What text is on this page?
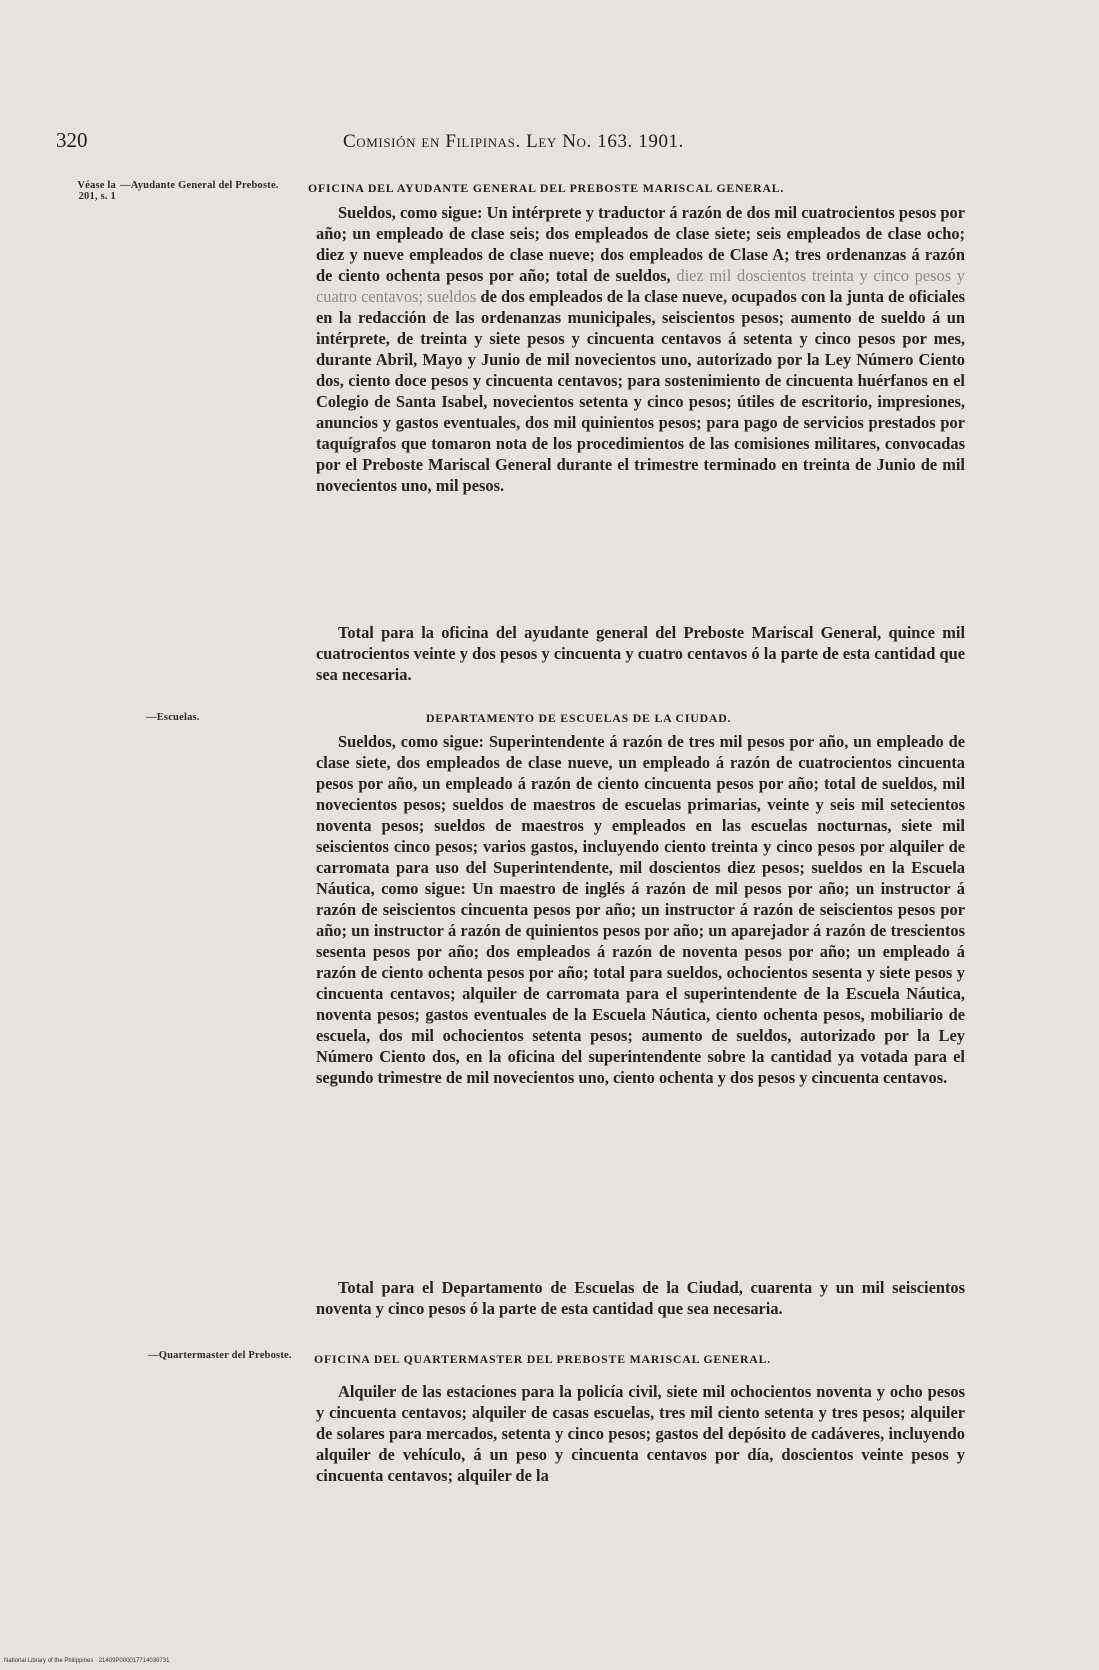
320	Comisión en Filipinas. Ley No. 163. 1901.
Véase la
201, s. 1
—Ayudante General del Preboste.	OFICINA DEL AYUDANTE GENERAL DEL PREBOSTE MARISCAL GENERAL.
Sueldos, como sigue: Un intérprete y traductor á razón de dos mil cuatrocientos pesos por año; un empleado de clase seis; dos empleados de clase siete; seis empleados de clase ocho; diez y nueve empleados de clase nueve; dos empleados de Clase A; tres ordenanzas á razón de ciento ochenta pesos por año; total de sueldos, diez mil doscientos treinta y cinco pesos y cuatro centavos; sueldos de dos empleados de la clase nueve, ocupados con la junta de oficiales en la redacción de las ordenanzas municipales, seiscientos pesos; aumento de sueldo á un intérprete, de treinta y siete pesos y cincuenta centavos á setenta y cinco pesos por mes, durante Abril, Mayo y Junio de mil novecientos uno, autorizado por la Ley Número Ciento dos, ciento doce pesos y cincuenta centavos; para sostenimiento de cincuenta huérfanos en el Colegio de Santa Isabel, novecientos setenta y cinco pesos; útiles de escritorio, impresiones, anuncios y gastos eventuales, dos mil quinientos pesos; para pago de servicios prestados por taquígrafos que tomaron nota de los procedimientos de las comisiones militares, convocadas por el Preboste Mariscal General durante el trimestre terminado en treinta de Junio de mil novecientos uno, mil pesos.
Total para la oficina del ayudante general del Preboste Mariscal General, quince mil cuatrocientos veinte y dos pesos y cincuenta y cuatro centavos ó la parte de esta cantidad que sea necesaria.
—Escuelas.	DEPARTAMENTO DE ESCUELAS DE LA CIUDAD.
Sueldos, como sigue: Superintendente á razón de tres mil pesos por año, un empleado de clase siete, dos empleados de clase nueve, un empleado á razón de cuatrocientos cincuenta pesos por año, un empleado á razón de ciento cincuenta pesos por año; total de sueldos, mil novecientos pesos; sueldos de maestros de escuelas primarias, veinte y seis mil setecientos noventa pesos; sueldos de maestros y empleados en las escuelas nocturnas, siete mil seiscientos cinco pesos; varios gastos, incluyendo ciento treinta y cinco pesos por alquiler de carromata para uso del Superintendente, mil doscientos diez pesos; sueldos en la Escuela Náutica, como sigue: Un maestro de inglés á razón de mil pesos por año; un instructor á razón de seiscientos cincuenta pesos por año; un instructor á razón de seiscientos pesos por año; un instructor á razón de quinientos pesos por año; un aparejador á razón de trescientos sesenta pesos por año; dos empleados á razón de noventa pesos por año; un empleado á razón de ciento ochenta pesos por año; total para sueldos, ochocientos sesenta y siete pesos y cincuenta centavos; alquiler de carromata para el superintendente de la Escuela Náutica, noventa pesos; gastos eventuales de la Escuela Náutica, ciento ochenta pesos, mobiliario de escuela, dos mil ochocientos setenta pesos; aumento de sueldos, autorizado por la Ley Número Ciento dos, en la oficina del superintendente sobre la cantidad ya votada para el segundo trimestre de mil novecientos uno, ciento ochenta y dos pesos y cincuenta centavos.
Total para el Departamento de Escuelas de la Ciudad, cuarenta y un mil seiscientos noventa y cinco pesos ó la parte de esta cantidad que sea necesaria.
—Quartermaster del Preboste.	OFICINA DEL QUARTERMASTER DEL PREBOSTE MARISCAL GENERAL.
Alquiler de las estaciones para la policía civil, siete mil ochocientos noventa y ocho pesos y cincuenta centavos; alquiler de casas escuelas, tres mil ciento setenta y tres pesos; alquiler de solares para mercados, setenta y cinco pesos; gastos del depósito de cadáveres, incluyendo alquiler de vehículo, á un peso y cincuenta centavos por día, doscientos veinte pesos y cincuenta centavos; alquiler de la
National Library of the Philippines · 21409P000017714030731
